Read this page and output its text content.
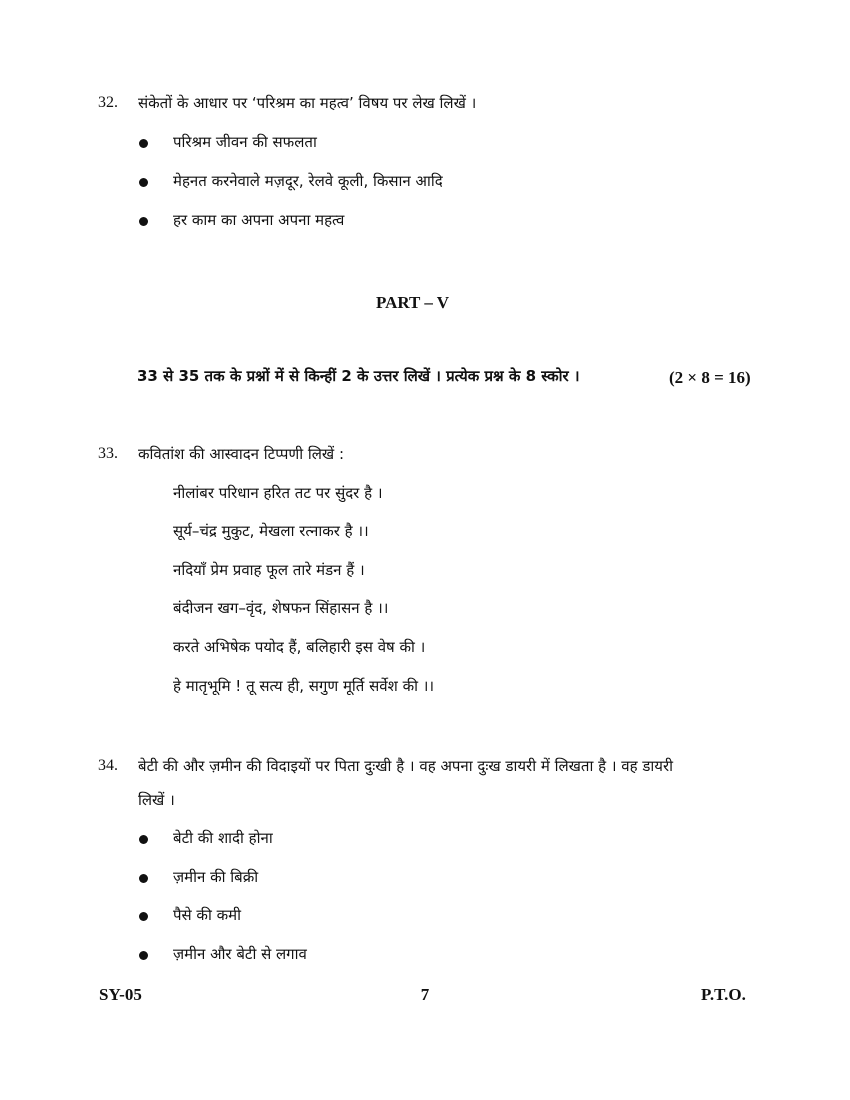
32. संकेतों के आधार पर ‘परिश्रम का महत्व’ विषय पर लेख लिखें ।
परिश्रम जीवन की सफलता
मेहनत करनेवाले मज़दूर, रेलवे कूली, किसान आदि
हर काम का अपना अपना महत्व
PART – V
33 से 35 तक के प्रश्नों में से किन्हीं 2 के उत्तर लिखें । प्रत्येक प्रश्न के 8 स्कोर ।	(2 × 8 = 16)
33. कवितांश की आस्वादन टिप्पणी लिखें :
नीलांबर परिधान हरित तट पर सुंदर है ।
सूर्य–चंद्र मुकुट, मेखला रत्नाकर है ।।
नदियाँ प्रेम प्रवाह फूल तारे मंडन हैं ।
बंदीजन खग–वृंद, शेषफन सिंहासन है ।।
करते अभिषेक पयोद हैं, बलिहारी इस वेष की ।
हे मातृभूमि ! तू सत्य ही, सगुण मूर्ति सर्वेश की ।।
34. बेटी की और ज़मीन की विदाइयों पर पिता दुःखी है । वह अपना दुःख डायरी में लिखता है । वह डायरी
लिखें ।
बेटी की शादी होना
ज़मीन की बिक्री
पैसे की कमी
ज़मीन और बेटी से लगाव
SY-05	7	P.T.O.
